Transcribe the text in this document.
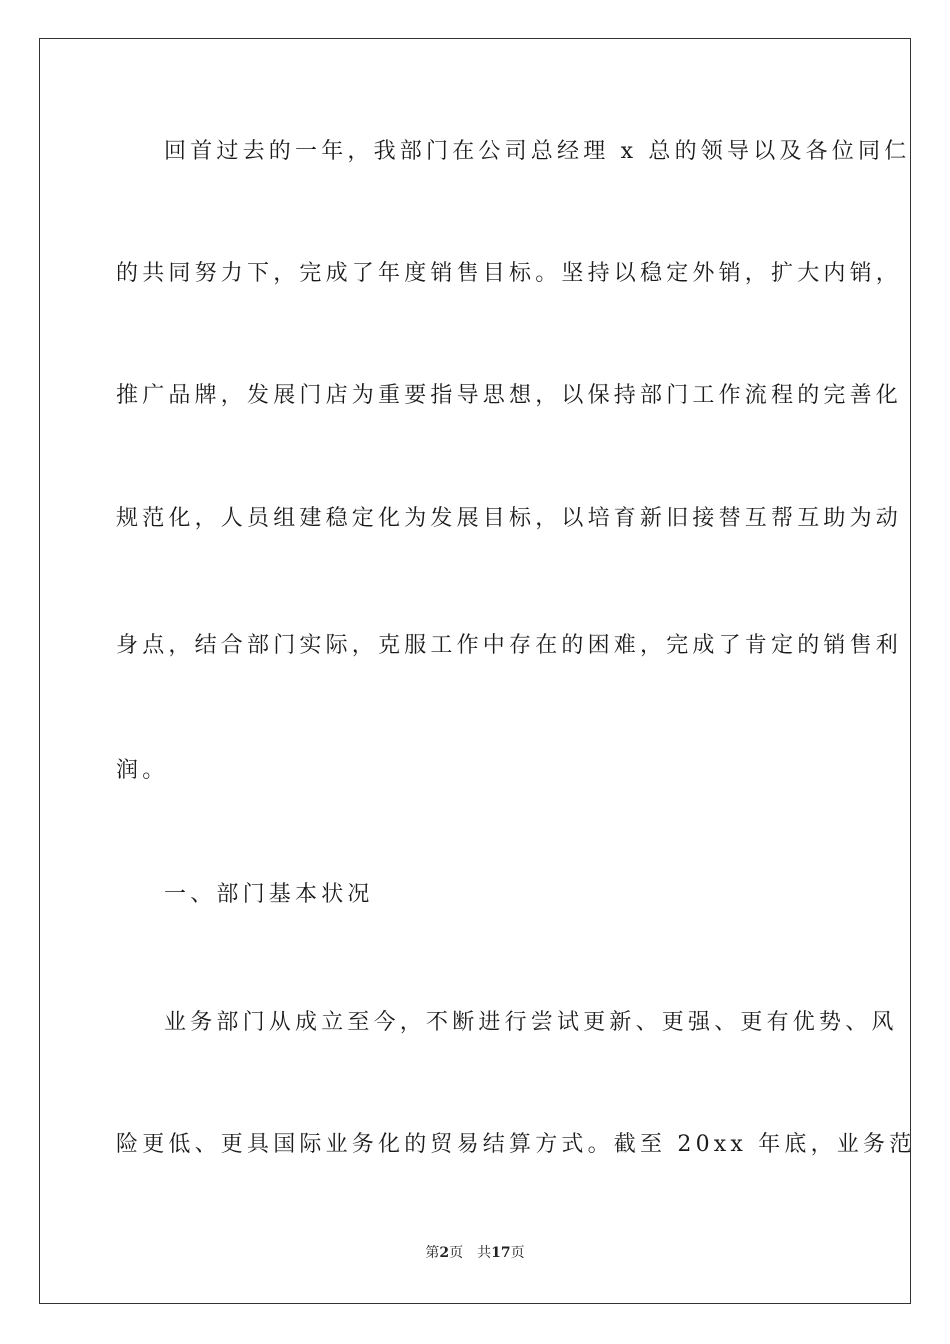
回首过去的一年，我部门在公司总经理 x 总的领导以及各位同仁
的共同努力下，完成了年度销售目标。坚持以稳定外销，扩大内销，
推广品牌，发展门店为重要指导思想，以保持部门工作流程的完善化
规范化，人员组建稳定化为发展目标，以培育新旧接替互帮互助为动
身点，结合部门实际，克服工作中存在的困难，完成了肯定的销售利
润。
一、部门基本状况
业务部门从成立至今，不断进行尝试更新、更强、更有优势、风
险更低、更具国际业务化的贸易结算方式。截至 20xx 年底，业务范
第2页 共17页
